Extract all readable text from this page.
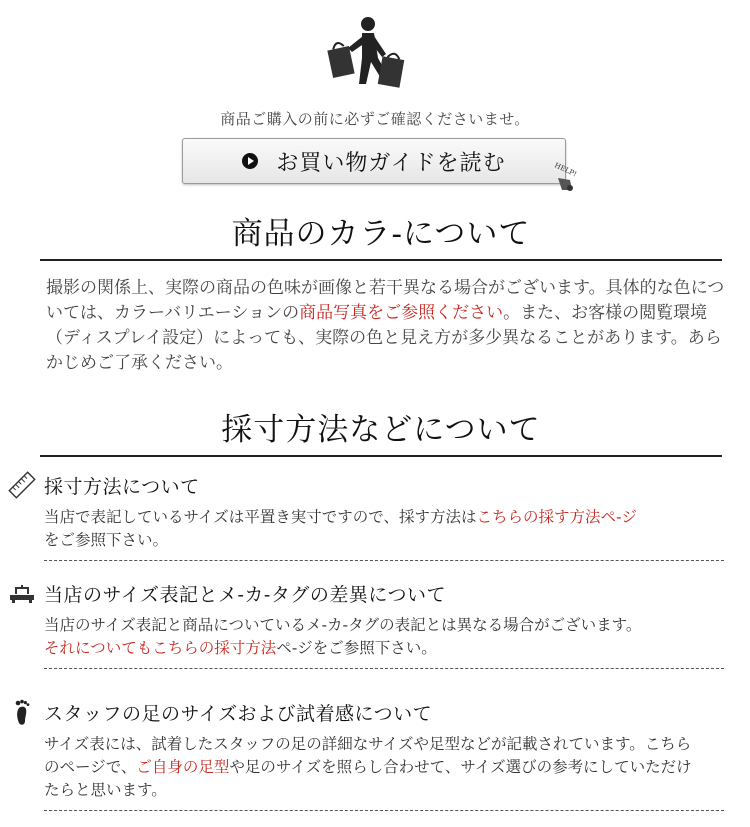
商品ご購入の前に必ずご確認くださいませ。
お買い物ガイドを読む	HELP!
商品のカラ-について
撮影の関係上、実際の商品の色味が画像と若干異なる場合がございます。具体的な色については、カラーバリエーションの商品写真をご参照ください。また、お客様の閲覧環境（ディスプレイ設定）によっても、実際の色と見え方が多少異なることがあります。あらかじめご了承ください。
採寸方法などについて
採寸方法について
当店で表記しているサイズは平置き実寸ですので、採す方法はこちらの採す方法ペ-ジ
をご参照下さい。
当店のサイズ表記とメ-カ-タグの差異について
当店のサイズ表記と商品についているメ-カ-タグの表記とは異なる場合がございます。
それについてもこちらの採寸方法ペ-ジをご参照下さい。
スタッフの足のサイズおよび試着感について
サイズ表には、試着したスタッフの足の詳細なサイズや足型などが記載されています。こちらのページで、ご自身の足型や足のサイズを照らし合わせて、サイズ選びの参考にしていただけたらと思います。
